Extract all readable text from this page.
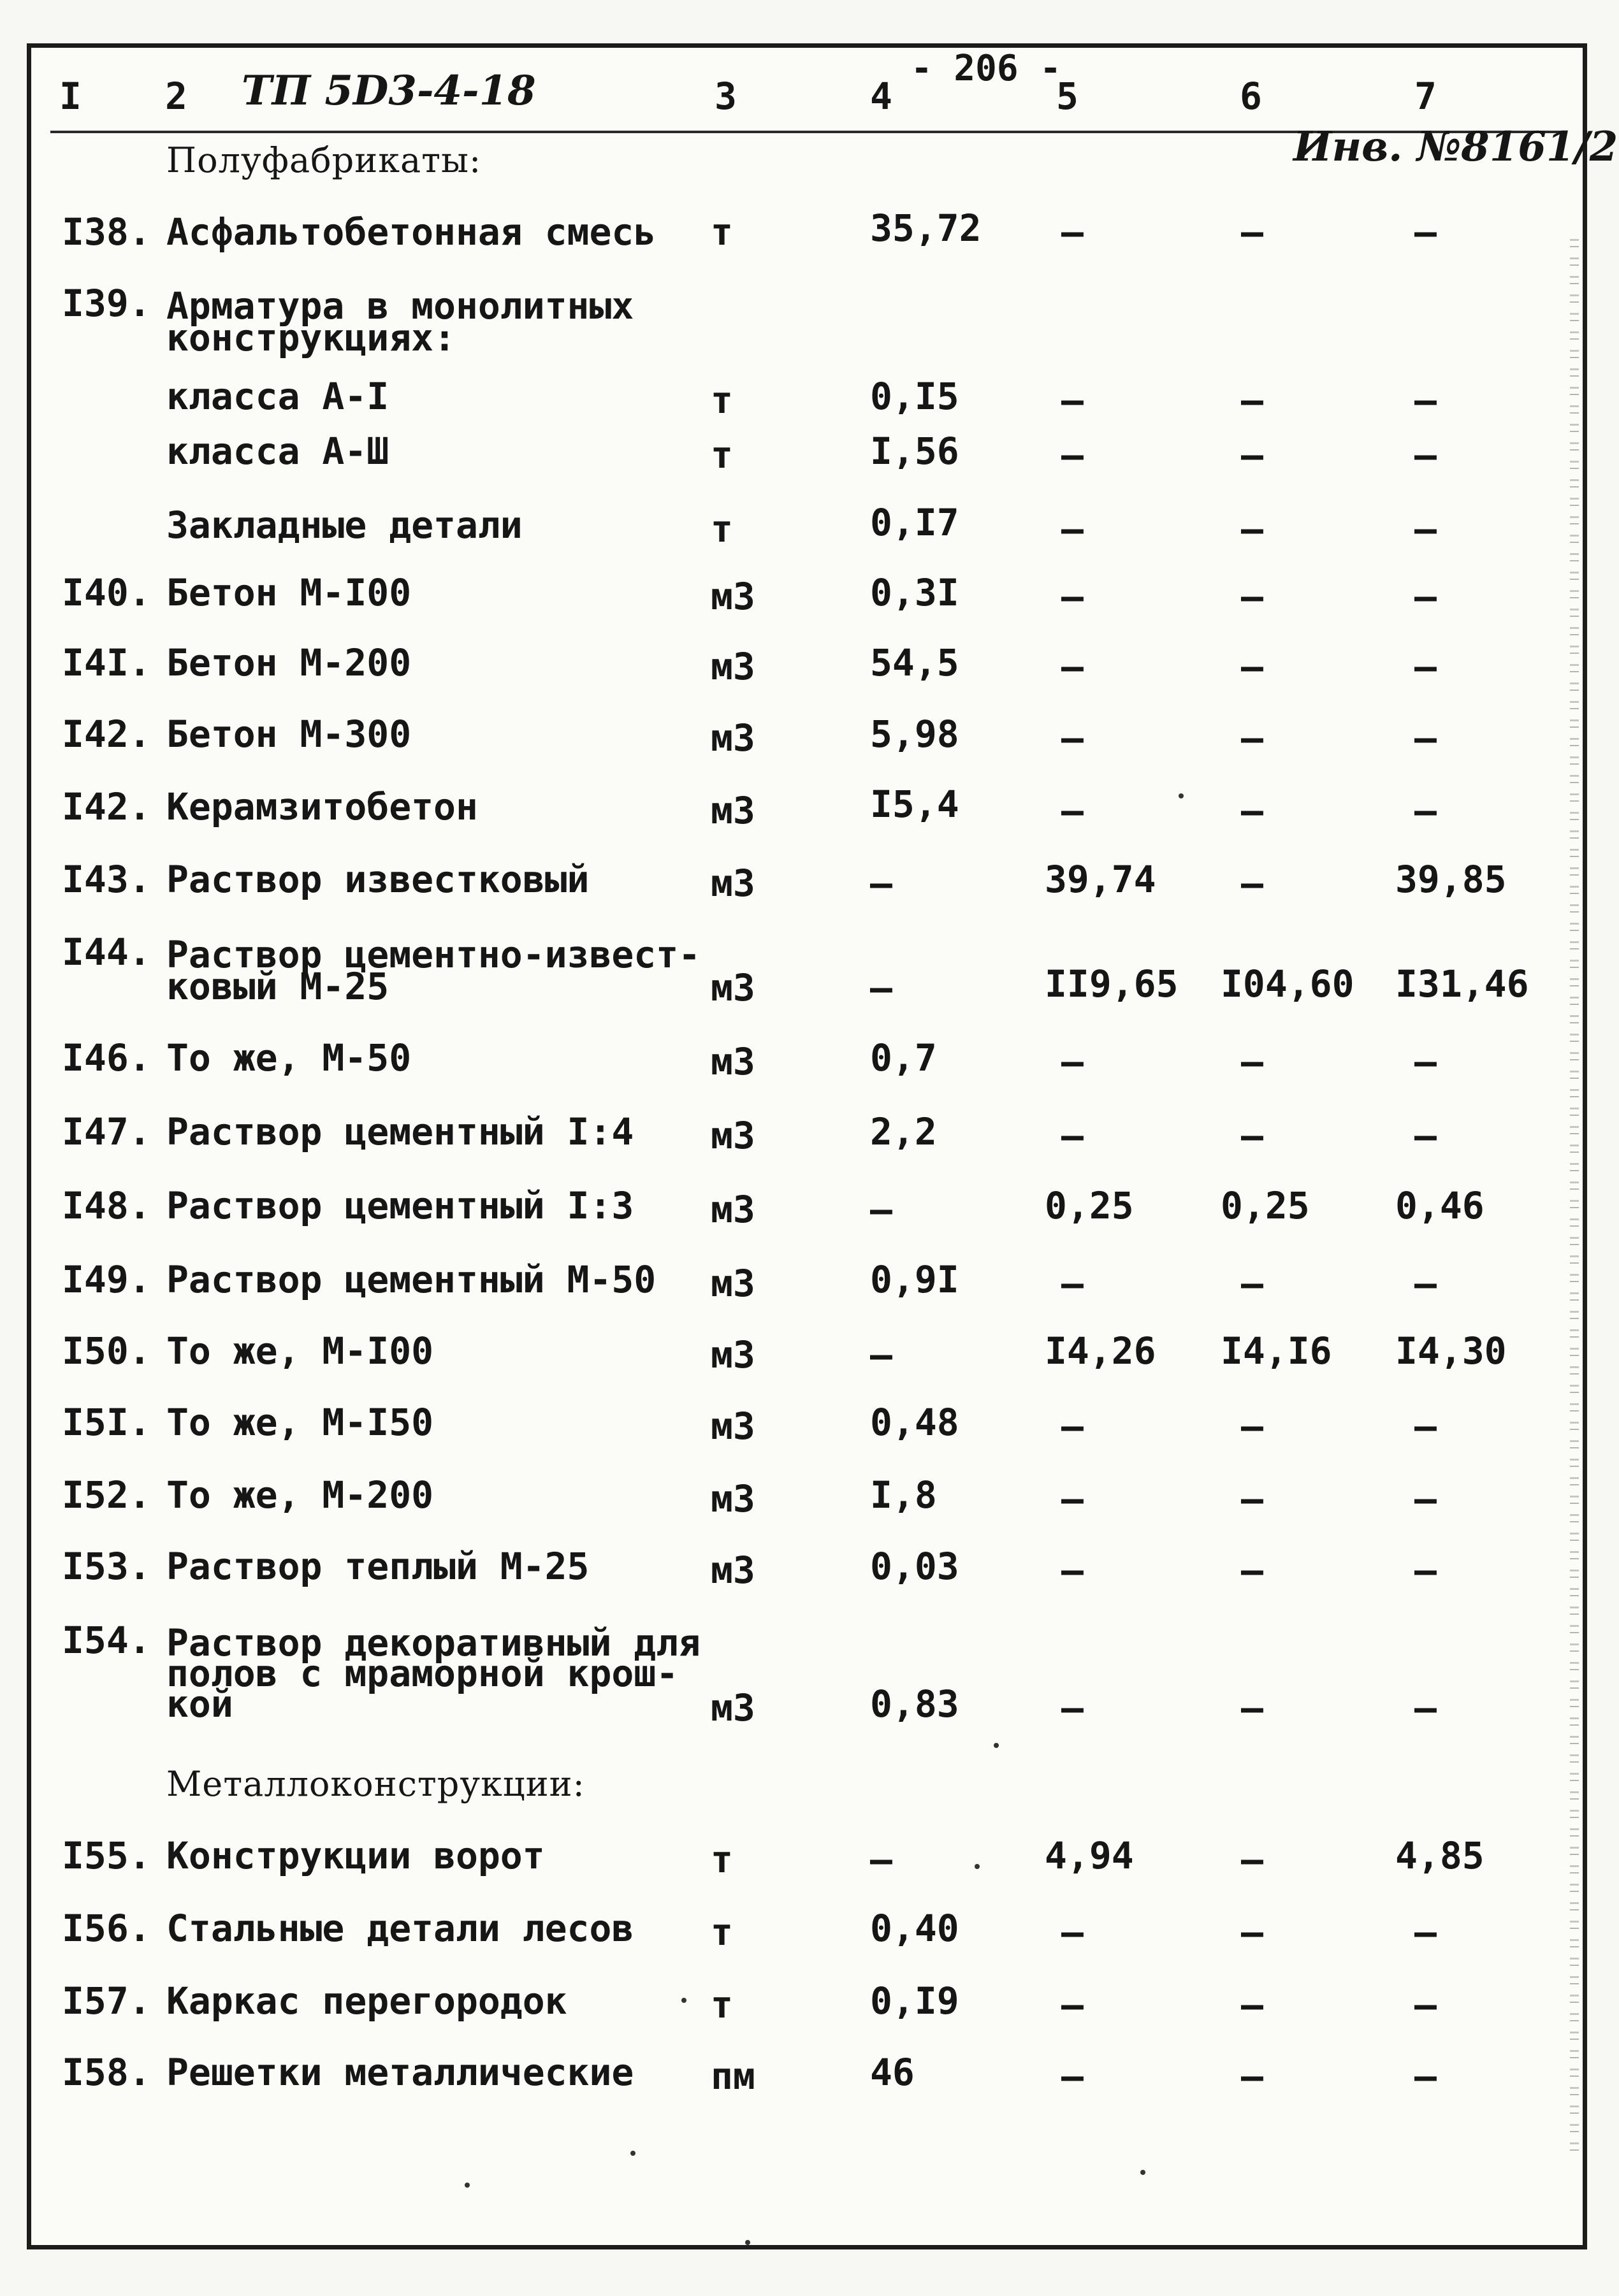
I 2 ТП 5D3-4-18	3	4	5	6	7
- 206 -
Инв. №8161/2
Полуфабрикаты:
I38. Асфальтобетонная смесь т	35,72 –	–	–
I39. Арматура в монолитных
конструкциях:
класса А-I	т	0,I5	–	–	–
класса А-Ш	т	I,56	–	–	–
Закладные детали	т	0,I7	–	–	–
I40. Бетон М-I00	м3	0,3I	–	–	–
I4I. Бетон М-200	м3	54,5	–	–	–
I42. Бетон М-300	м3	5,98	–	–	–
I42. Керамзитобетон	м3	I5,4	–	–	–
I43. Раствор известковый	м3	–	39,74 –	39,85
I44. Раствор цементно-извест-
ковый М-25	м3	–	II9,65 I04,60 I31,46
I46. То же, М-50	м3	0,7	–	–	–
I47. Раствор цементный I:4 м3	2,2	–	–	–
I48. Раствор цементный I:3 м3	–	0,25 0,25 0,46
I49. Раствор цементный М-50 м3	0,9I	–	–	–
I50. То же, М-I00	м3	–	I4,26 I4,I6 I4,30
I5I. То же, М-I50	м3	0,48	–	–	–
I52. То же, М-200	м3	I,8	–	–	–
I53. Раствор теплый М-25	м3	0,03	–	–	–
I54. Раствор декоративный для
полов с мраморной крош-
кой	м3	0,83	–	–	–
Металлоконструкции:
I55. Конструкции ворот	т	–	4,94	–	4,85
I56. Стальные детали лесов т	0,40	–	–	–
I57. Каркас перегородок	т	0,I9	–	–	–
I58. Решетки металлические пм	46	–	–	–
